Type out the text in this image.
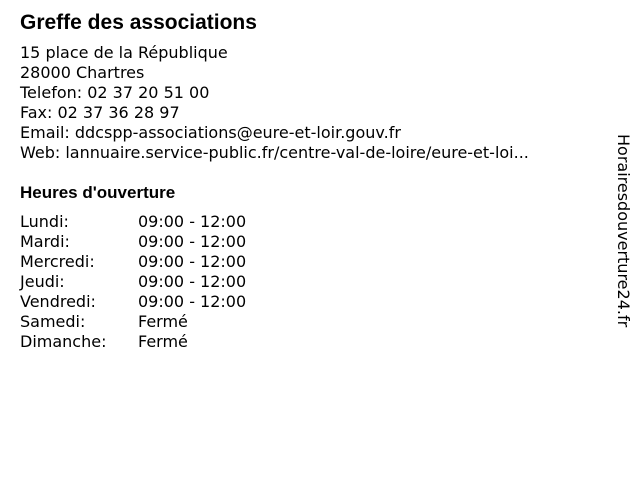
Greffe des associations
15 place de la République
28000 Chartres
Telefon: 02 37 20 51 00
Fax: 02 37 36 28 97
Email: ddcspp-associations@eure-et-loir.gouv.fr
Web: lannuaire.service-public.fr/centre-val-de-loire/eure-et-loi...
Heures d'ouverture
Lundi:	09:00 - 12:00
Mardi:	09:00 - 12:00
Mercredi:	09:00 - 12:00
Jeudi:	09:00 - 12:00
Vendredi:	09:00 - 12:00
Samedi:	Fermé
Dimanche:	Fermé
Horairesdouverture24.fr
